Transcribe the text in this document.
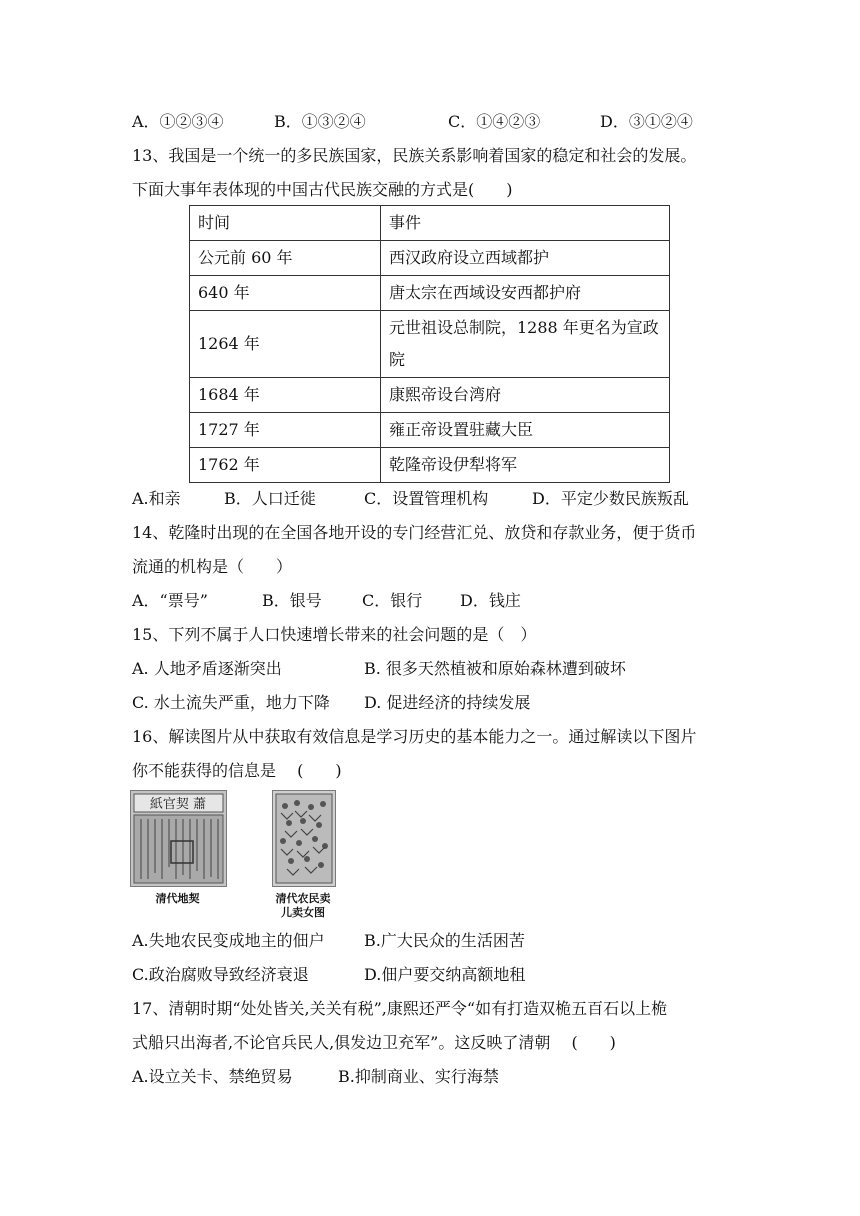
A．①②③④	B．①③②④	C．①④②③	D．③①②④
13、我国是一个统一的多民族国家，民族关系影响着国家的稳定和社会的发展。
下面大事年表体现的中国古代民族交融的方式是(　　)
时间	事件
公元前 60 年	西汉政府设立西域都护
640 年	唐太宗在西域设安西都护府
1264 年	元世祖设总制院，1288 年更名为宣政院
1684 年	康熙帝设台湾府
1727 年	雍正帝设置驻藏大臣
1762 年	乾隆帝设伊犁将军
A.和亲	B．人口迁徙	C．设置管理机构	D．平定少数民族叛乱
14、乾隆时出现的在全国各地开设的专门经营汇兑、放贷和存款业务，便于货币
流通的机构是（　　）
A．“票号”	B．银号	C．银行 D．钱庄
15、下列不属于人口快速增长带来的社会问题的是（　）
A. 人地矛盾逐渐突出	B. 很多天然植被和原始森林遭到破坏
C. 水土流失严重，地力下降 D. 促进经济的持续发展
16、解读图片从中获取有效信息是学习历史的基本能力之一。通过解读以下图片
你不能获得的信息是　 (　　)
紙官契 蕭
清代地契	清代农民卖
儿卖女图
A.失地农民变成地主的佃户 B.广大民众的生活困苦
C.政治腐败导致经济衰退	D.佃户要交纳高额地租
17、清朝时期“处处皆关,关关有税”,康熙还严令“如有打造双桅五百石以上桅
式船只出海者,不论官兵民人,俱发边卫充军”。这反映了清朝　 (　　)
A.设立关卡、禁绝贸易	B.抑制商业、实行海禁
